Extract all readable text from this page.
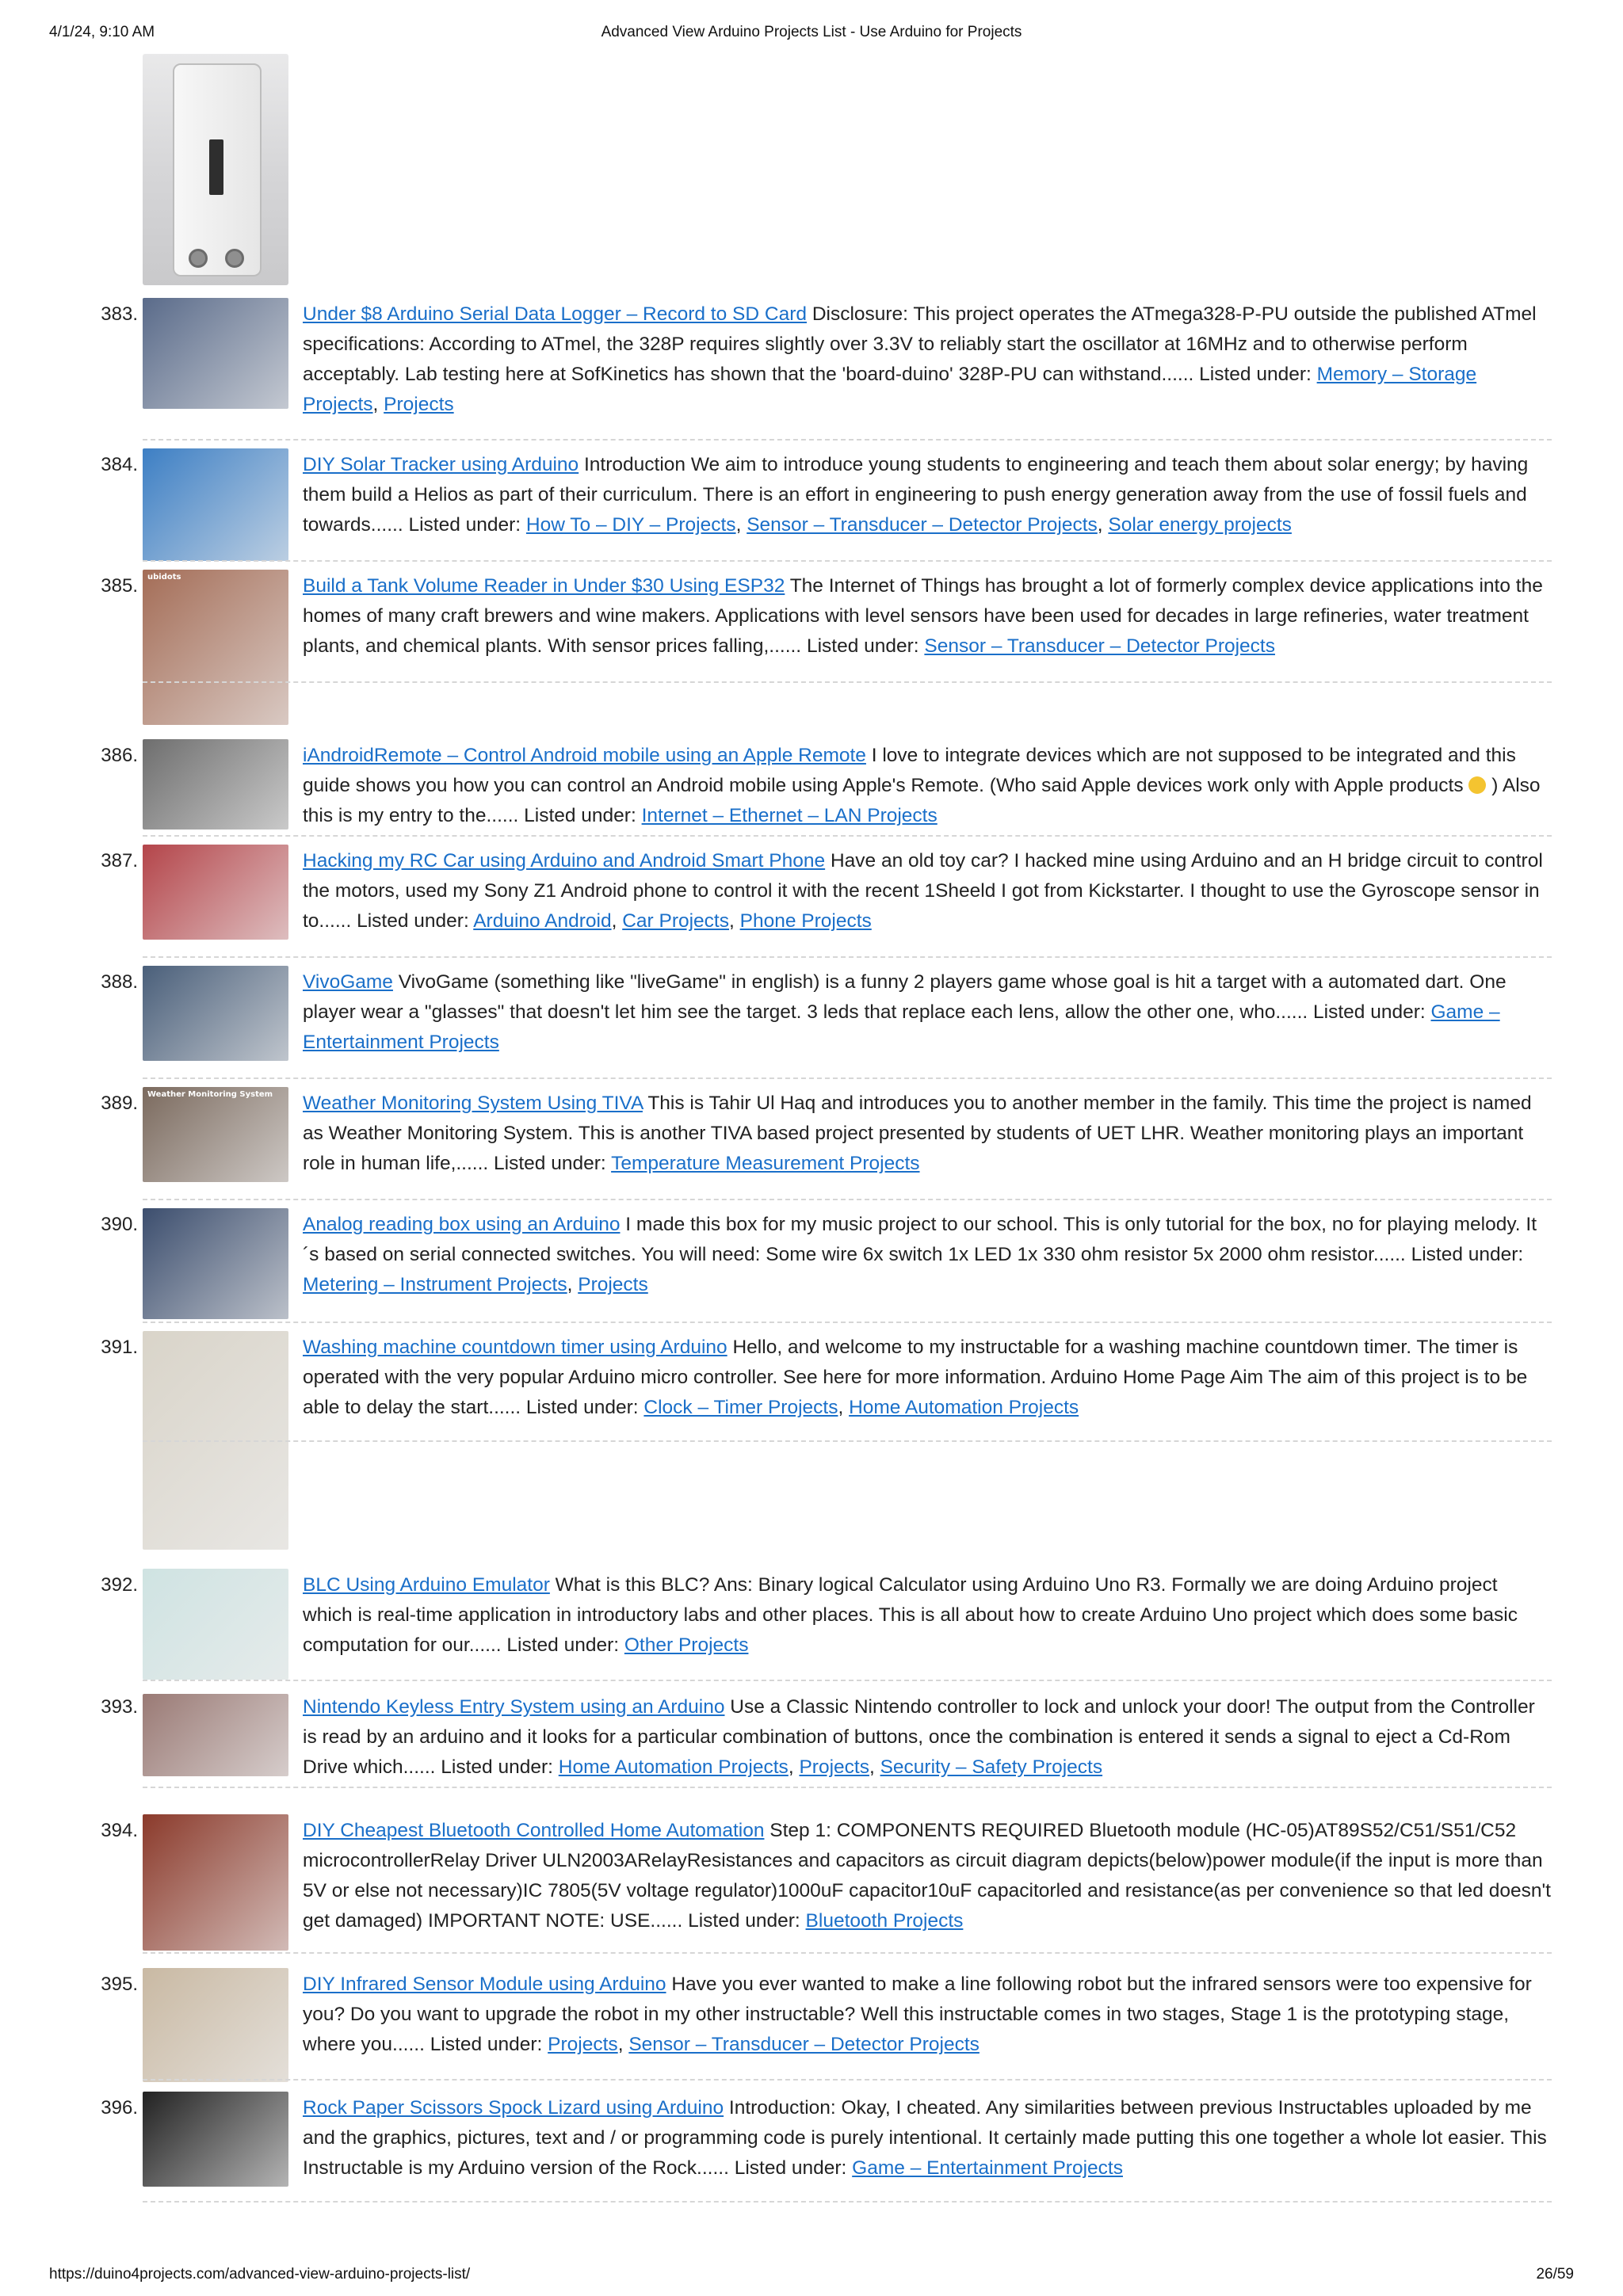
4/1/24, 9:10 AM	Advanced View Arduino Projects List - Use Arduino for Projects
383.	Under $8 Arduino Serial Data Logger – Record to SD Card Disclosure: This project operates the ATmega328-P-PU outside the published ATmel specifications: According to ATmel, the 328P requires slightly over 3.3V to reliably start the oscillator at 16MHz and to otherwise perform acceptably. Lab testing here at SofKinetics has shown that the 'board-duino' 328P-PU can withstand...... Listed under: Memory – Storage Projects, Projects
384.	DIY Solar Tracker using Arduino Introduction We aim to introduce young students to engineering and teach them about solar energy; by having them build a Helios as part of their curriculum. There is an effort in engineering to push energy generation away from the use of fossil fuels and towards...... Listed under: How To – DIY – Projects, Sensor – Transducer – Detector Projects, Solar energy projects
385. ubidots	Build a Tank Volume Reader in Under $30 Using ESP32 The Internet of Things has brought a lot of formerly complex device applications into the homes of many craft brewers and wine makers. Applications with level sensors have been used for decades in large refineries, water treatment plants, and chemical plants. With sensor prices falling,...... Listed under: Sensor – Transducer – Detector Projects
386.	iAndroidRemote – Control Android mobile using an Apple Remote I love to integrate devices which are not supposed to be integrated and this guide shows you how you can control an Android mobile using Apple's Remote. (Who said Apple devices work only with Apple products ) Also this is my entry to the...... Listed under: Internet – Ethernet – LAN Projects
387.	Hacking my RC Car using Arduino and Android Smart Phone Have an old toy car? I hacked mine using Arduino and an H bridge circuit to control the motors, used my Sony Z1 Android phone to control it with the recent 1Sheeld I got from Kickstarter. I thought to use the Gyroscope sensor in to...... Listed under: Arduino Android, Car Projects, Phone Projects
388.	VivoGame VivoGame (something like "liveGame" in english) is a funny 2 players game whose goal is hit a target with a automated dart. One player wear a "glasses" that doesn't let him see the target. 3 leds that replace each lens, allow the other one, who...... Listed under: Game – Entertainment Projects
389. Weather Monitoring System Weather Monitoring System Using TIVA This is Tahir Ul Haq and introduces you to another member in the family. This time the project is named as Weather Monitoring System. This is another TIVA based project presented by students of UET LHR. Weather monitoring plays an important role in human life,...... Listed under: Temperature Measurement Projects
390.	Analog reading box using an Arduino I made this box for my music project to our school. This is only tutorial for the box, no for playing melody. It´s based on serial connected switches. You will need: Some wire 6x switch 1x LED 1x 330 ohm resistor 5x 2000 ohm resistor...... Listed under: Metering – Instrument Projects, Projects
391.	Washing machine countdown timer using Arduino Hello, and welcome to my instructable for a washing machine countdown timer. The timer is operated with the very popular Arduino micro controller. See here for more information. Arduino Home Page Aim The aim of this project is to be able to delay the start...... Listed under: Clock – Timer Projects, Home Automation Projects
392.	BLC Using Arduino Emulator What is this BLC? Ans: Binary logical Calculator using Arduino Uno R3. Formally we are doing Arduino project which is real-time application in introductory labs and other places. This is all about how to create Arduino Uno project which does some basic computation for our...... Listed under: Other Projects
393.	Nintendo Keyless Entry System using an Arduino Use a Classic Nintendo controller to lock and unlock your door! The output from the Controller is read by an arduino and it looks for a particular combination of buttons, once the combination is entered it sends a signal to eject a Cd-Rom Drive which...... Listed under: Home Automation Projects, Projects, Security – Safety Projects
394.	DIY Cheapest Bluetooth Controlled Home Automation Step 1: COMPONENTS REQUIRED Bluetooth module (HC-05)AT89S52/C51/S51/C52 microcontrollerRelay Driver ULN2003ARelayResistances and capacitors as circuit diagram depicts(below)power module(if the input is more than 5V or else not necessary)IC 7805(5V voltage regulator)1000uF capacitor10uF capacitorled and resistance(as per convenience so that led doesn't get damaged) IMPORTANT NOTE: USE...... Listed under: Bluetooth Projects
395.	DIY Infrared Sensor Module using Arduino Have you ever wanted to make a line following robot but the infrared sensors were too expensive for you? Do you want to upgrade the robot in my other instructable? Well this instructable comes in two stages, Stage 1 is the prototyping stage, where you...... Listed under: Projects, Sensor – Transducer – Detector Projects
396.	Rock Paper Scissors Spock Lizard using Arduino Introduction: Okay, I cheated. Any similarities between previous Instructables uploaded by me and the graphics, pictures, text and / or programming code is purely intentional. It certainly made putting this one together a whole lot easier. This Instructable is my Arduino version of the Rock...... Listed under: Game – Entertainment Projects
https://duino4projects.com/advanced-view-arduino-projects-list/	26/59
